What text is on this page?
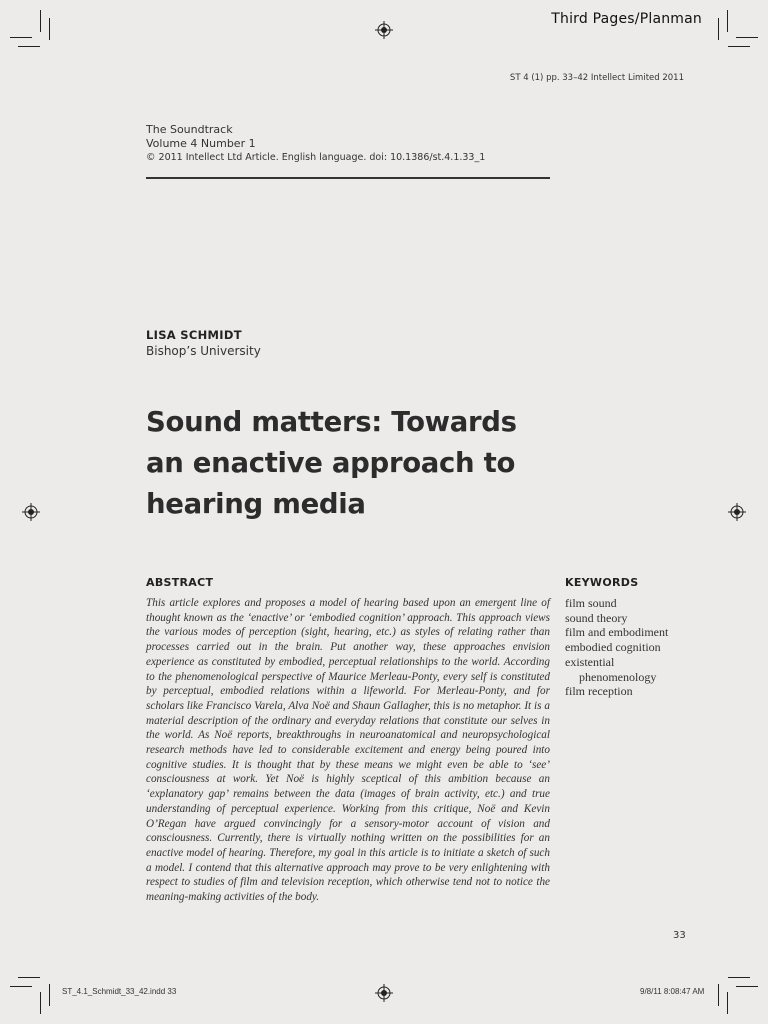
Third Pages/Planman
ST 4 (1) pp. 33–42 Intellect Limited 2011
The Soundtrack
Volume 4 Number 1
© 2011 Intellect Ltd Article. English language. doi: 10.1386/st.4.1.33_1
LISA SCHMIDT
Bishop’s University
Sound matters: Towards
an enactive approach to
hearing media
ABSTRACT
This article explores and proposes a model of hearing based upon an emergent line of thought known as the ‘enactive’ or ‘embodied cognition’ approach. This approach views the various modes of perception (sight, hearing, etc.) as styles of relating rather than processes carried out in the brain. Put another way, these approaches envision experience as constituted by embodied, perceptual relationships to the world. According to the phenomenological perspective of Maurice Merleau-Ponty, every self is constituted by perceptual, embodied relations within a lifeworld. For Merleau-Ponty, and for scholars like Francisco Varela, Alva Noë and Shaun Gallagher, this is no metaphor. It is a material description of the ordinary and everyday relations that constitute our selves in the world. As Noë reports, breakthroughs in neuroanatomical and neuropsychological research methods have led to considerable excitement and energy being poured into cognitive studies. It is thought that by these means we might even be able to ‘see’ consciousness at work. Yet Noë is highly sceptical of this ambition because an ‘explanatory gap’ remains between the data (images of brain activity, etc.) and true understanding of perceptual experience. Working from this critique, Noë and Kevin O’Regan have argued convincingly for a sensory-motor account of vision and consciousness. Currently, there is virtually nothing written on the possibilities for an enactive model of hearing. Therefore, my goal in this article is to initiate a sketch of such a model. I contend that this alternative approach may prove to be very enlightening with respect to studies of film and television reception, which otherwise tend not to notice the meaning-making activities of the body.
KEYWORDS
film sound
sound theory
film and embodiment
embodied cognition
existential
phenomenology
film reception
33
ST_4.1_Schmidt_33_42.indd 33	9/8/11 8:08:47 AM
